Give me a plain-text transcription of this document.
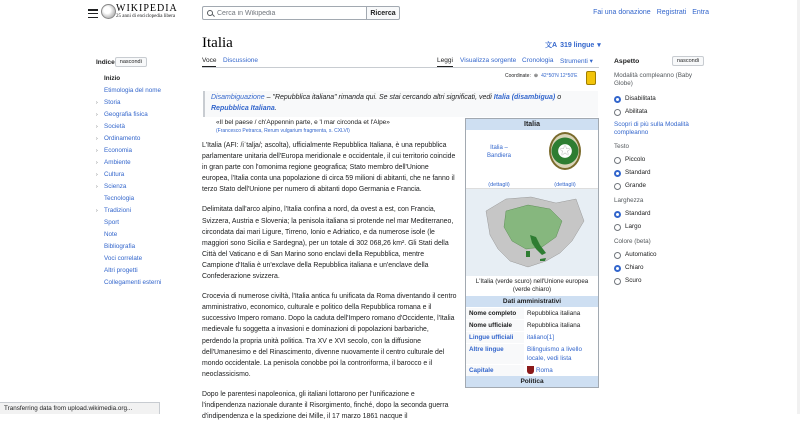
WIKIPEDIA
25 anni di enciclopedia libera
Cerca in Wikipedia	Ricerca	Fai una donazione Registrati Entra
Indice nascondi
Inizio
Etimologia del nome
›	Storia
›	Geografia fisica
›	Società
›	Ordinamento
›	Economia
›	Ambiente
›	Cultura
›	Scienza
Tecnologia
›	Tradizioni
Sport
Note
Bibliografia
Voci correlate
Altri progetti
Collegamenti esterni
Italia	文A 319 lingue ▾
Voce Discussione	Leggi Visualizza sorgente Cronologia Strumenti ▾
Coordinate: ⊕ 42°50′N 12°50′E
Disambiguazione – "Repubblica italiana" rimanda qui. Se stai cercando altri significati, vedi Italia (disambigua) o Repubblica Italiana.
«Il bel paese / ch'Appennin parte, e 'l mar circonda et l'Alpe»
(Francesco Petrarca, Rerum vulgarium fragmenta, s. CXLVI)

L'Italia (AFI: /iˈtalja/; ascolta), ufficialmente Repubblica Italiana, è una repubblica parlamentare unitaria dell'Europa meridionale e occidentale, il cui territorio coincide in gran parte con l'omonima regione geografica; Stato membro dell'Unione europea, l'Italia conta una popolazione di circa 59 milioni di abitanti, che ne fanno il terzo Stato dell'Unione per numero di abitanti dopo Germania e Francia.

Delimitata dall'arco alpino, l'Italia confina a nord, da ovest a est, con Francia, Svizzera, Austria e Slovenia; la penisola italiana si protende nel mar Mediterraneo, circondata dai mari Ligure, Tirreno, Ionio e Adriatico, e da numerose isole (le maggiori sono Sicilia e Sardegna), per un totale di 302 068,26 km². Gli Stati della Città del Vaticano e di San Marino sono enclavi della Repubblica, mentre Campione d'Italia è un'exclave della Repubblica italiana e un'enclave della Confederazione svizzera.

Crocevia di numerose civiltà, l'Italia antica fu unificata da Roma diventando il centro amministrativo, economico, culturale e politico della Repubblica romana e il successivo Impero romano. Dopo la caduta dell'Impero romano d'Occidente, l'Italia medievale fu soggetta a invasioni e dominazioni di popolazioni barbariche, perdendo la propria unità politica. Tra XV e XVI secolo, con la diffusione dell'Umanesimo e del Rinascimento, divenne nuovamente il centro culturale del mondo occidentale. La penisola conobbe poi la controriforma, il barocco e il neoclassicismo.

Dopo le parentesi napoleonica, gli italiani lottarono per l'unificazione e l'indipendenza nazionale durante il Risorgimento, finché, dopo la seconda guerra d'indipendenza e la spedizione dei Mille, il 17 marzo 1861 nacque il

Italia
Italia – Bandiera
★
(dettagli)	(dettagli)
L'Italia (verde scuro) nell'Unione europea (verde chiaro)
Dati amministrativi
Nome completo	Repubblica italiana
Nome ufficiale	Repubblica italiana
Lingue ufficiali	italiano[1]
Altre lingue	Bilinguismo a livello locale, vedi lista
Capitale	Roma
Politica
Aspetto	nascondi
Modalità compleanno (Baby Globe)
Disabilitata
Abilitata
Scopri di più sulla Modalità compleanno
Testo
Piccolo
Standard
Grande
Larghezza
Standard
Largo
Colore (beta)
Automatico
Chiaro
Scuro
Transferring data from upload.wikimedia.org...
